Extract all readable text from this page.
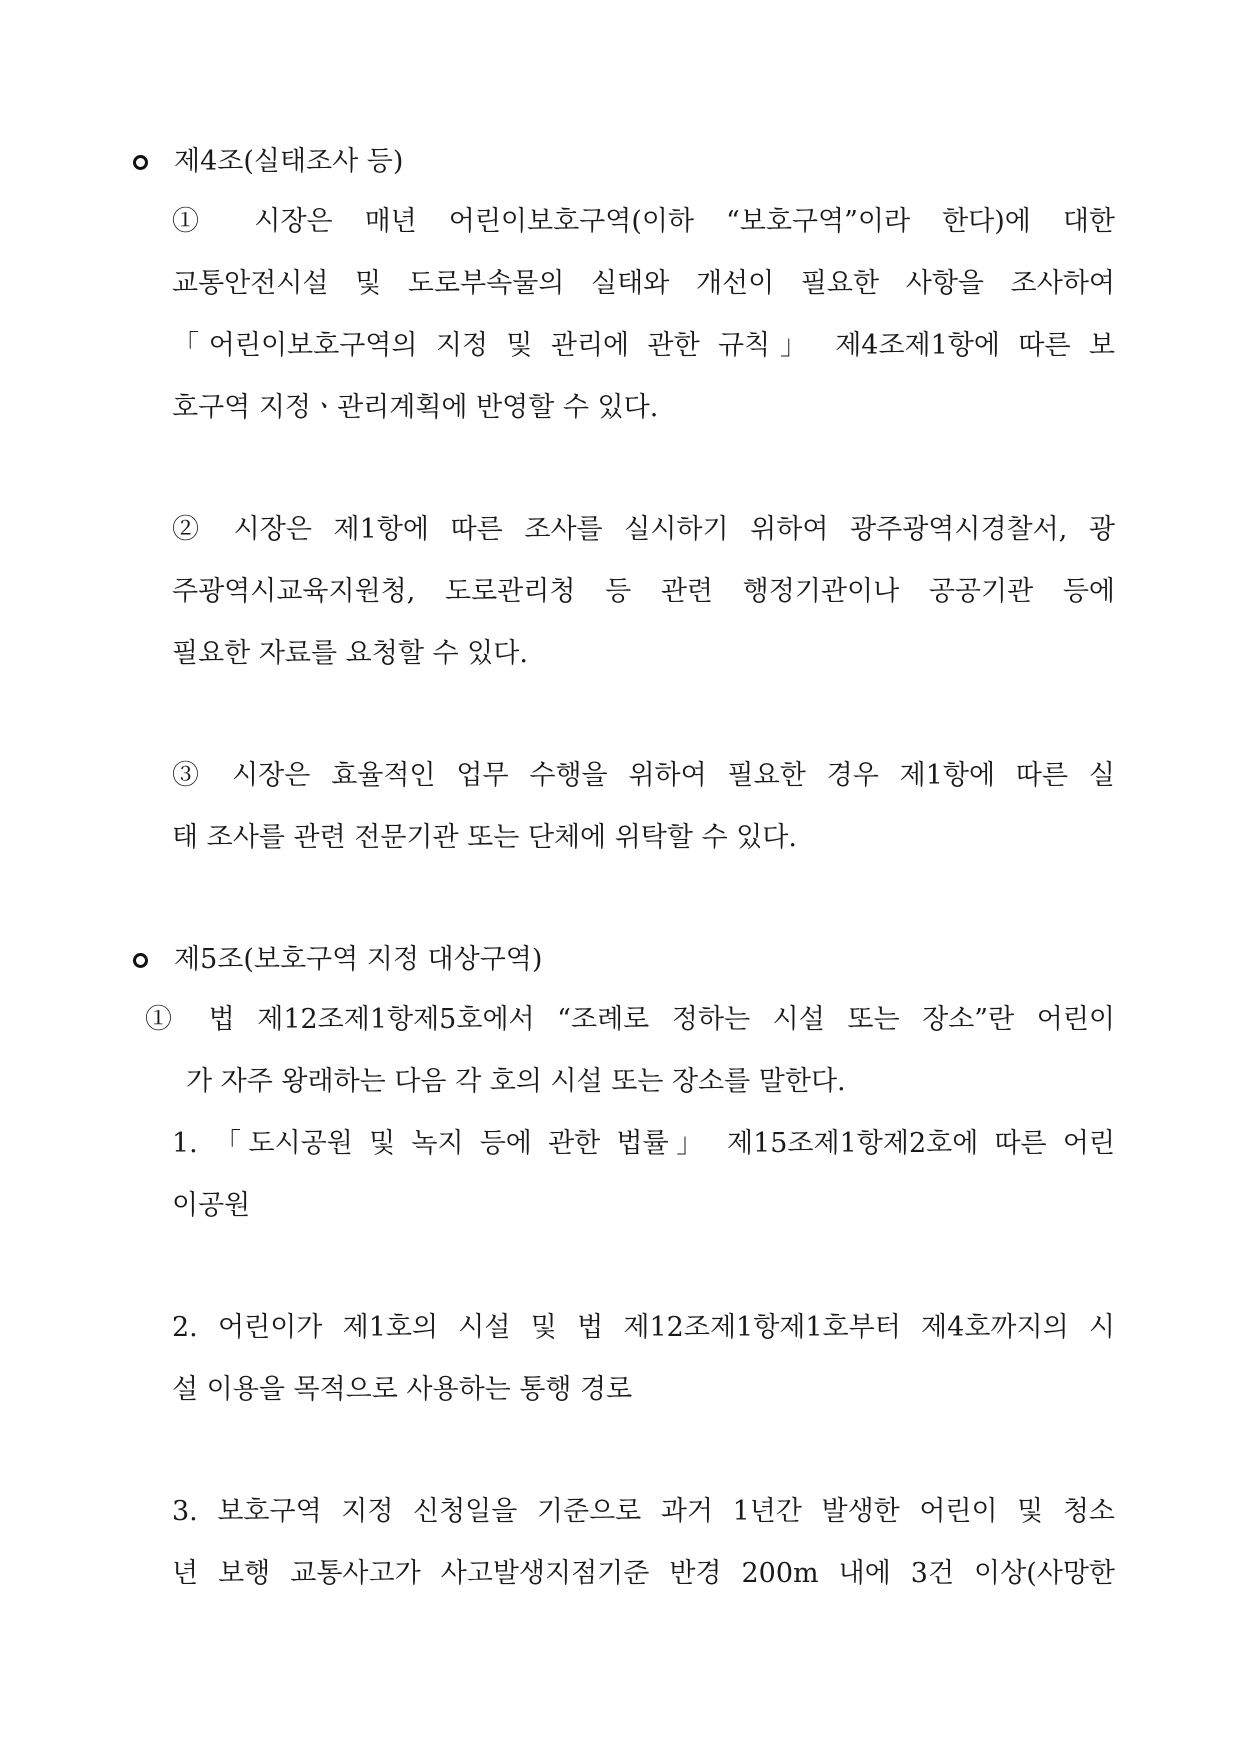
제4조(실태조사 등)
① 시장은 매년 어린이보호구역(이하 “보호구역”이라 한다)에 대한
교통안전시설 및 도로부속물의 실태와 개선이 필요한 사항을 조사하여
「어린이보호구역의 지정 및 관리에 관한 규칙」 제4조제1항에 따른 보
호구역 지정ㆍ관리계획에 반영할 수 있다.
② 시장은 제1항에 따른 조사를 실시하기 위하여 광주광역시경찰서, 광
주광역시교육지원청, 도로관리청 등 관련 행정기관이나 공공기관 등에
필요한 자료를 요청할 수 있다.
③ 시장은 효율적인 업무 수행을 위하여 필요한 경우 제1항에 따른 실
태 조사를 관련 전문기관 또는 단체에 위탁할 수 있다.
제5조(보호구역 지정 대상구역)
① 법 제12조제1항제5호에서 “조례로 정하는 시설 또는 장소”란 어린이
가 자주 왕래하는 다음 각 호의 시설 또는 장소를 말한다.
1. 「도시공원 및 녹지 등에 관한 법률」 제15조제1항제2호에 따른 어린
이공원
2. 어린이가 제1호의 시설 및 법 제12조제1항제1호부터 제4호까지의 시
설 이용을 목적으로 사용하는 통행 경로
3. 보호구역 지정 신청일을 기준으로 과거 1년간 발생한 어린이 및 청소
년 보행 교통사고가 사고발생지점기준 반경 200m 내에 3건 이상(사망한
